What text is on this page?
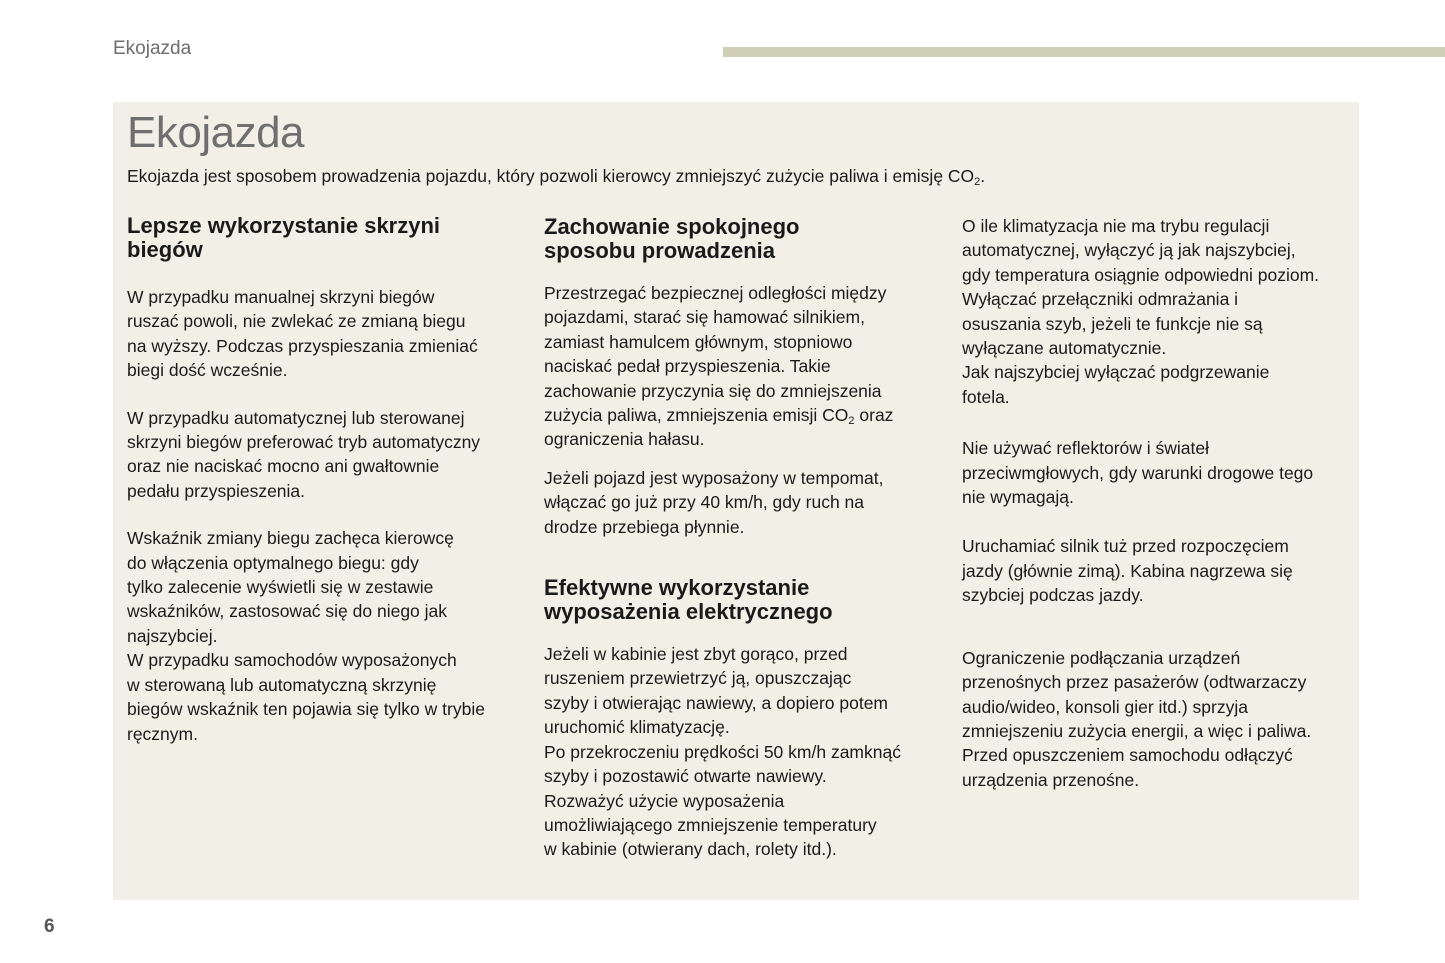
Ekojazda
Ekojazda
Ekojazda jest sposobem prowadzenia pojazdu, który pozwoli kierowcy zmniejszyć zużycie paliwa i emisję $CO_2$.
Lepsze wykorzystanie skrzyni
biegów

W przypadku manualnej skrzyni biegów
ruszać powoli, nie zwlekać ze zmianą biegu
na wyższy. Podczas przyspieszania zmieniać
biegi dość wcześnie.

W przypadku automatycznej lub sterowanej
skrzyni biegów preferować tryb automatyczny
oraz nie naciskać mocno ani gwałtownie
pedału przyspieszenia.

Wskaźnik zmiany biegu zachęca kierowcę
do włączenia optymalnego biegu: gdy
tylko zalecenie wyświetli się w zestawie
wskaźników, zastosować się do niego jak
najszybciej.
W przypadku samochodów wyposażonych
w sterowaną lub automatyczną skrzynię
biegów wskaźnik ten pojawia się tylko w trybie
ręcznym.

Zachowanie spokojnego
sposobu prowadzenia

Przestrzegać bezpiecznej odległości między
pojazdami, starać się hamować silnikiem,
zamiast hamulcem głównym, stopniowo
naciskać pedał przyspieszenia. Takie
zachowanie przyczynia się do zmniejszenia
zużycia paliwa, zmniejszenia emisji $CO_2$ oraz
ograniczenia hałasu.

Jeżeli pojazd jest wyposażony w tempomat,
włączać go już przy 40 km/h, gdy ruch na
drodze przebiega płynnie.

Efektywne wykorzystanie
wyposażenia elektrycznego

Jeżeli w kabinie jest zbyt gorąco, przed
ruszeniem przewietrzyć ją, opuszczając
szyby i otwierając nawiewy, a dopiero potem
uruchomić klimatyzację.
Po przekroczeniu prędkości 50 km/h zamknąć
szyby i pozostawić otwarte nawiewy.
Rozważyć użycie wyposażenia
umożliwiającego zmniejszenie temperatury
w kabinie (otwierany dach, rolety itd.).

O ile klimatyzacja nie ma trybu regulacji
automatycznej, wyłączyć ją jak najszybciej,
gdy temperatura osiągnie odpowiedni poziom.
Wyłączać przełączniki odmrażania i
osuszania szyb, jeżeli te funkcje nie są
wyłączane automatycznie.
Jak najszybciej wyłączać podgrzewanie
fotela.

Nie używać reflektorów i świateł
przeciwmgłowych, gdy warunki drogowe tego
nie wymagają.

Uruchamiać silnik tuż przed rozpoczęciem
jazdy (głównie zimą). Kabina nagrzewa się
szybciej podczas jazdy.

Ograniczenie podłączania urządzeń
przenośnych przez pasażerów (odtwarzaczy
audio/wideo, konsoli gier itd.) sprzyja
zmniejszeniu zużycia energii, a więc i paliwa.
Przed opuszczeniem samochodu odłączyć
urządzenia przenośne.

6
